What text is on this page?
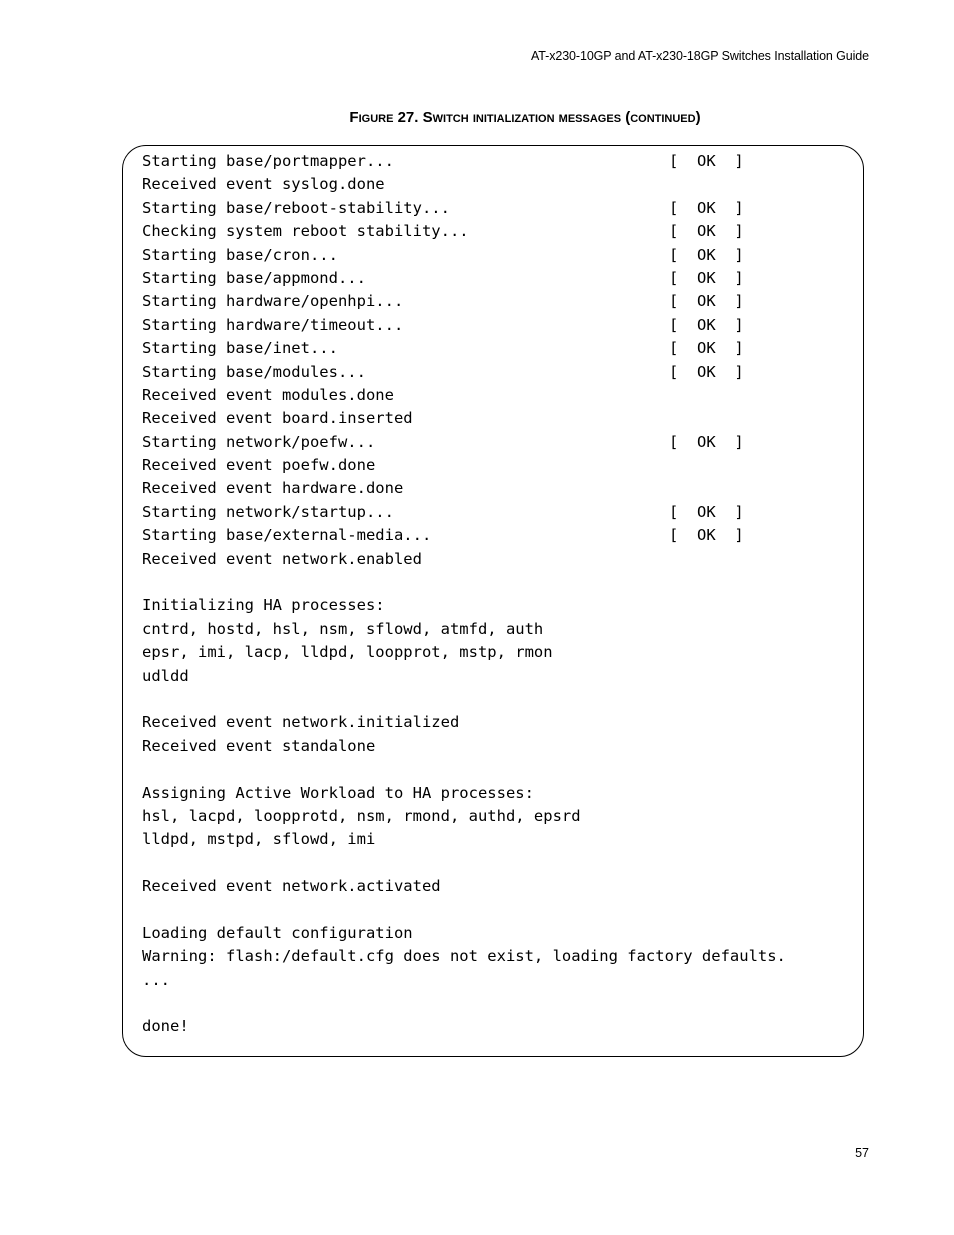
AT-x230-10GP and AT-x230-18GP Switches Installation Guide
Figure 27. Switch initialization messages (continued)
Starting base/portmapper...	[  OK  ]
Received event syslog.done
Starting base/reboot-stability...	[  OK  ]
Checking system reboot stability...	[  OK  ]
Starting base/cron...	[  OK  ]
Starting base/appmond...	[  OK  ]
Starting hardware/openhpi...	[  OK  ]
Starting hardware/timeout...	[  OK  ]
Starting base/inet...	[  OK  ]
Starting base/modules...	[  OK  ]
Received event modules.done
Received event board.inserted
Starting network/poefw...	[  OK  ]
Received event poefw.done
Received event hardware.done
Starting network/startup...	[  OK  ]
Starting base/external-media...	[  OK  ]
Received event network.enabled
Initializing HA processes:
cntrd, hostd, hsl, nsm, sflowd, atmfd, auth
epsr, imi, lacp, lldpd, loopprot, mstp, rmon
udldd
Received event network.initialized
Received event standalone
Assigning Active Workload to HA processes:
hsl, lacpd, loopprotd, nsm, rmond, authd, epsrd
lldpd, mstpd, sflowd, imi
Received event network.activated
Loading default configuration
Warning: flash:/default.cfg does not exist, loading factory defaults.
...
done!
57
